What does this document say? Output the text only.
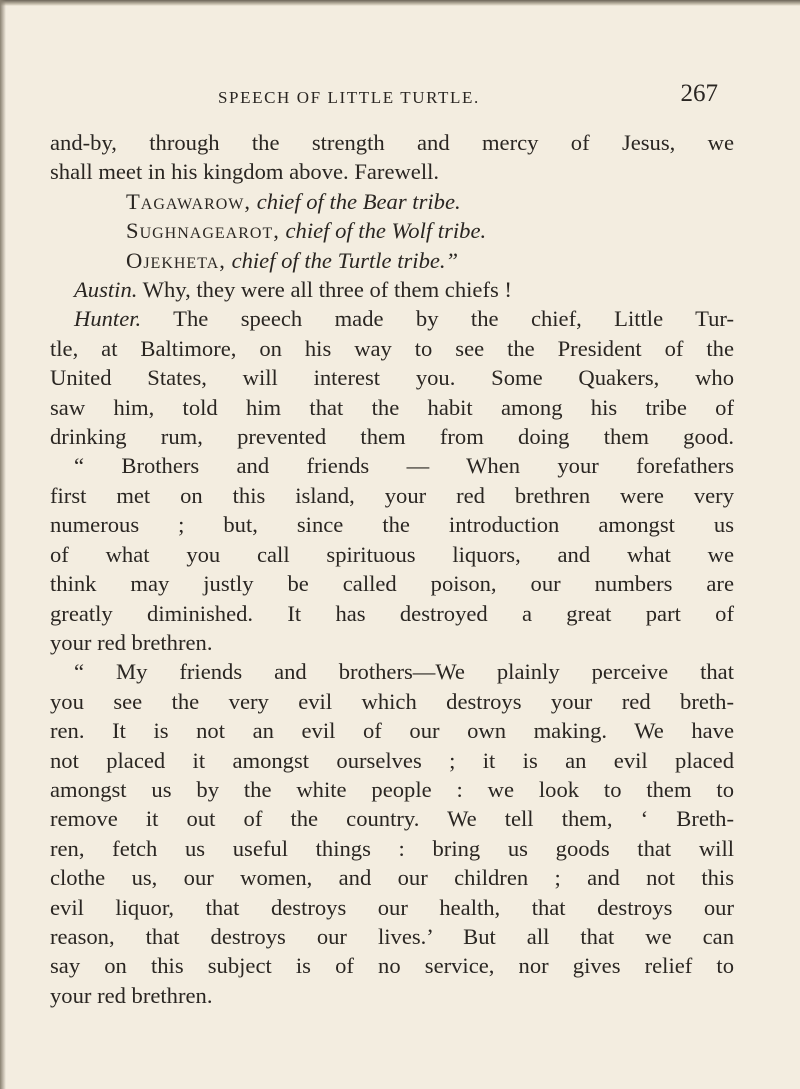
SPEECH OF LITTLE TURTLE.	267
and-by, through the strength and mercy of Jesus, we
shall meet in his kingdom above. Farewell.
Tagawarow, chief of the Bear tribe.
Sughnagearot, chief of the Wolf tribe.
Ojekheta, chief of the Turtle tribe.”
Austin. Why, they were all three of them chiefs !
Hunter. The speech made by the chief, Little Tur-
tle, at Baltimore, on his way to see the President of the
United States, will interest you. Some Quakers, who
saw him, told him that the habit among his tribe of
drinking rum, prevented them from doing them good.
“ Brothers and friends — When your forefathers
first met on this island, your red brethren were very
numerous ; but, since the introduction amongst us
of what you call spirituous liquors, and what we
think may justly be called poison, our numbers are
greatly diminished. It has destroyed a great part of
your red brethren.
“ My friends and brothers—We plainly perceive that
you see the very evil which destroys your red breth-
ren. It is not an evil of our own making. We have
not placed it amongst ourselves ; it is an evil placed
amongst us by the white people : we look to them to
remove it out of the country. We tell them, ‘ Breth-
ren, fetch us useful things : bring us goods that will
clothe us, our women, and our children ; and not this
evil liquor, that destroys our health, that destroys our
reason, that destroys our lives.’ But all that we can
say on this subject is of no service, nor gives relief to
your red brethren.
